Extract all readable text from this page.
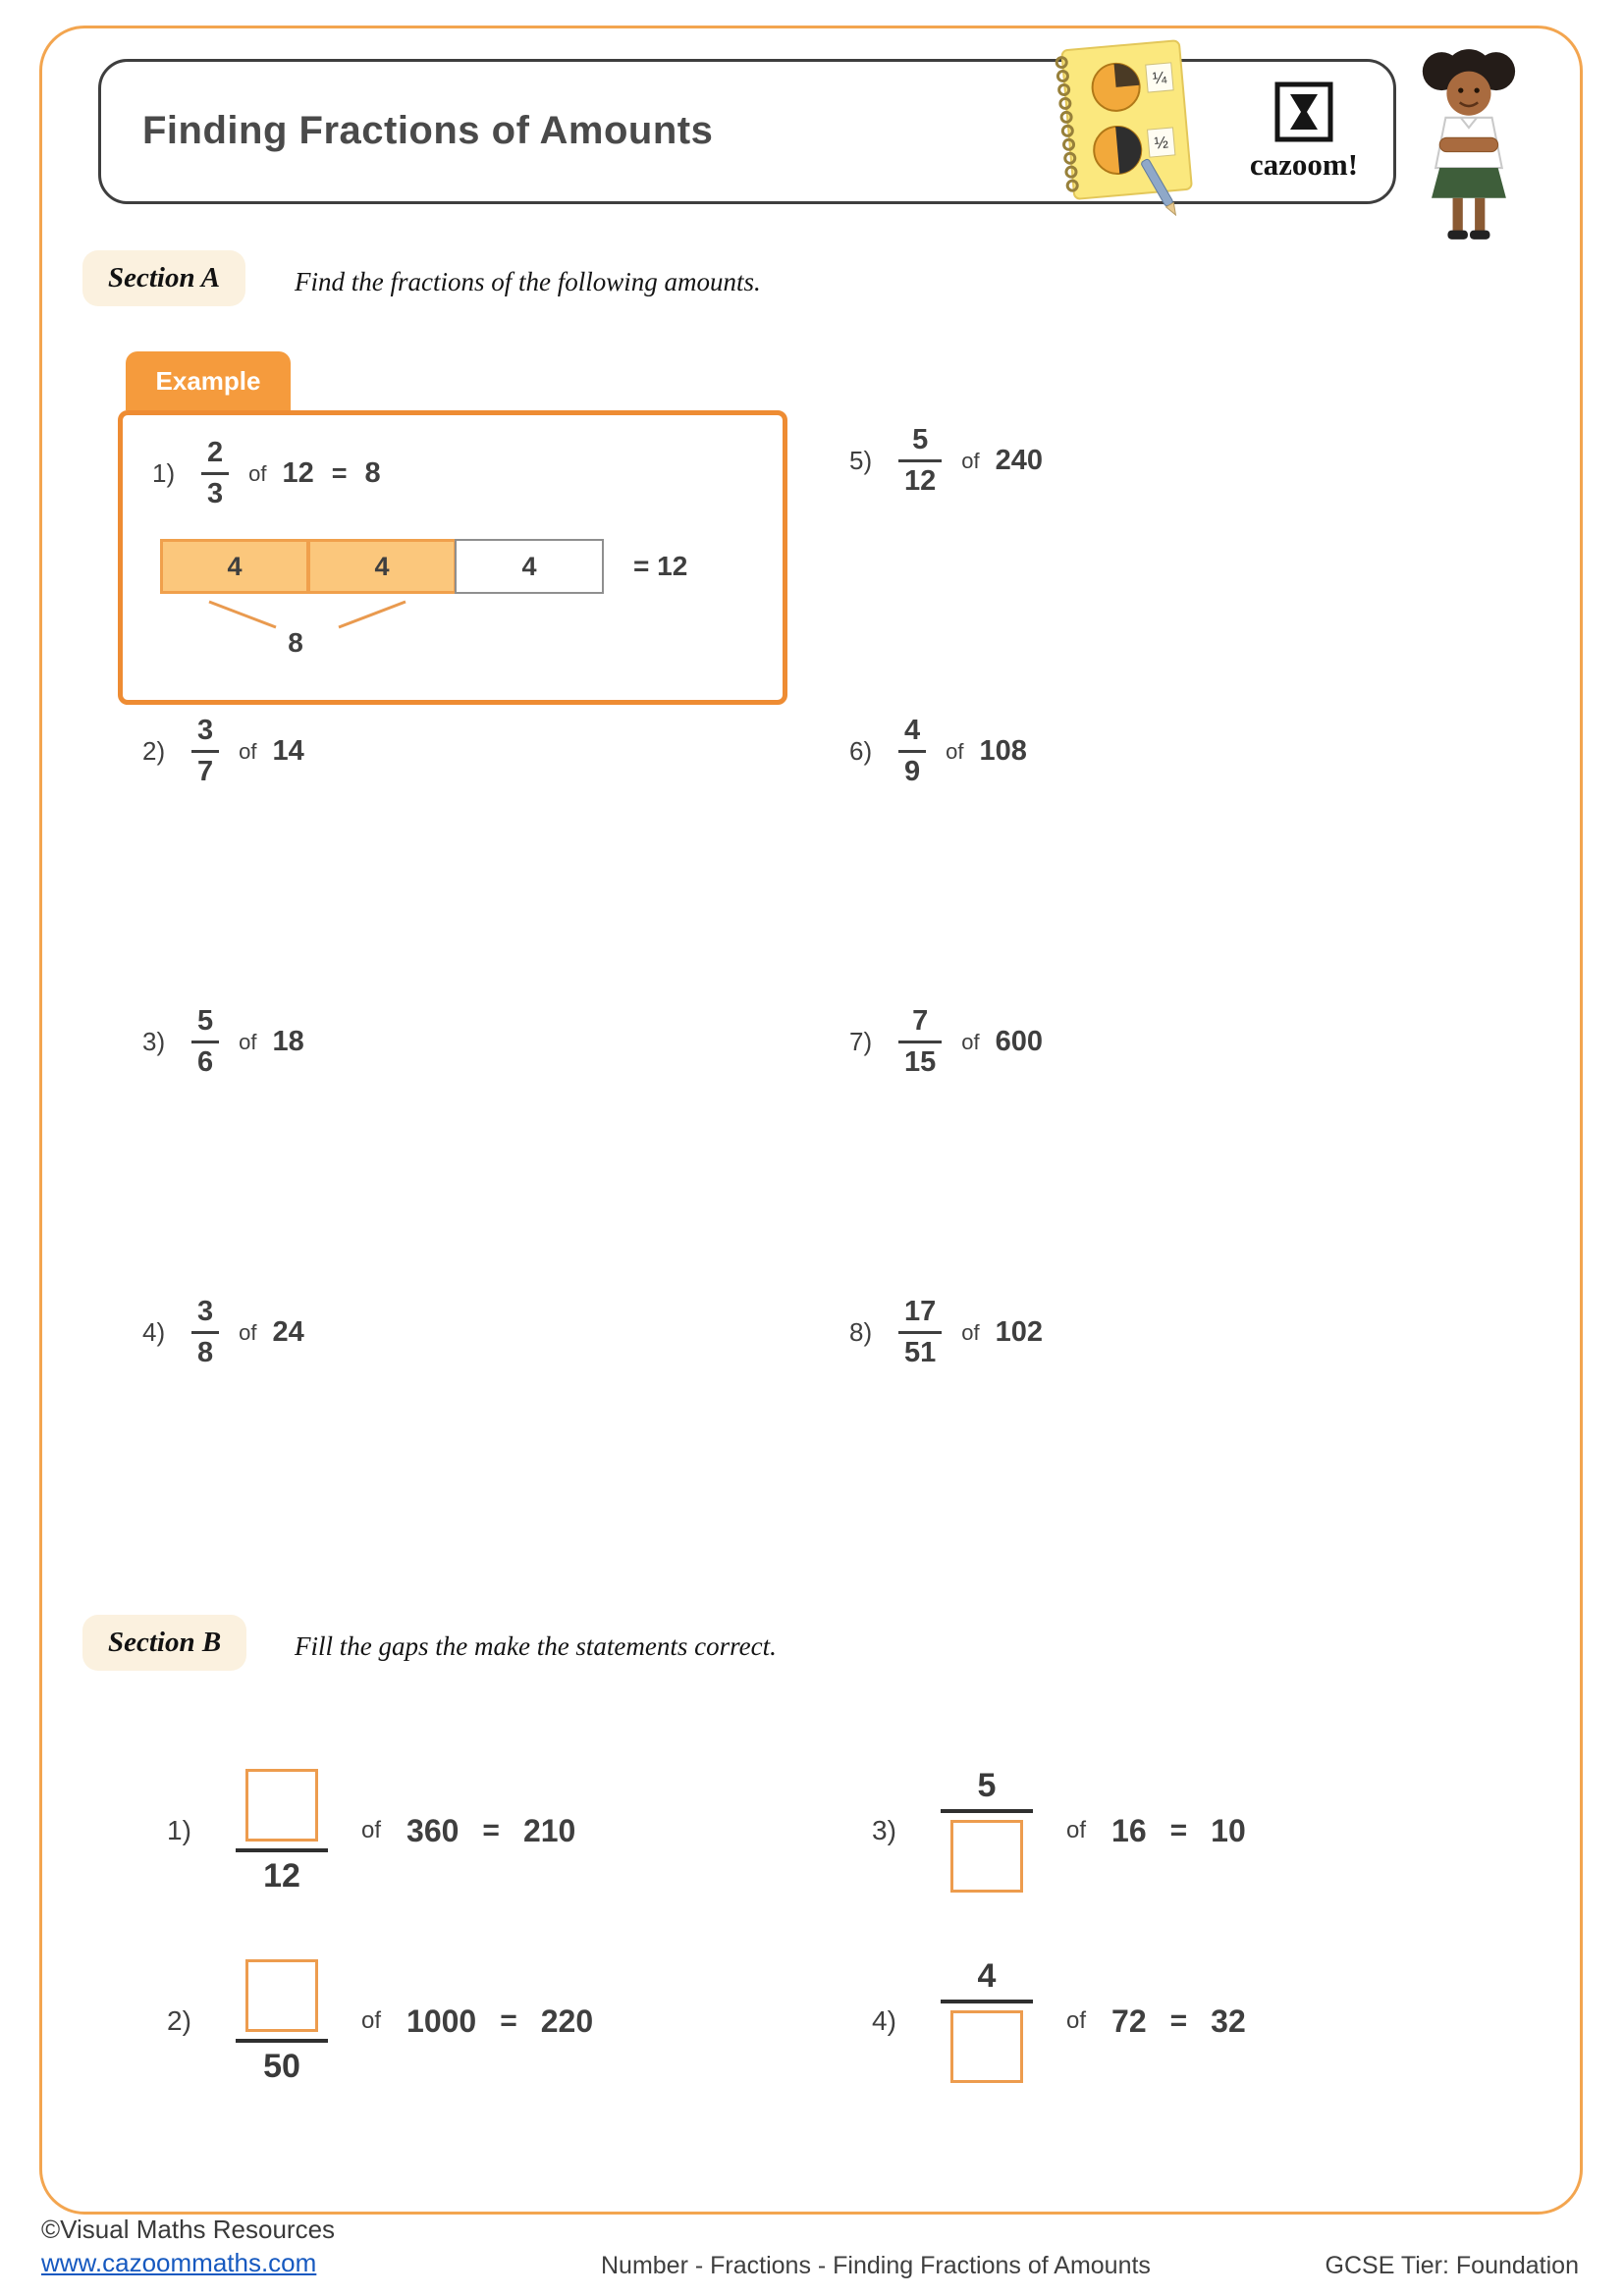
Finding Fractions of Amounts
¼
½
cazoom!
Section A	Find the fractions of the following amounts.
Example
$1) \frac{2}{3}$ of 12 = 8
4	4	4	= 12
8
$2) \frac{3}{7}$ of 14
$3) \frac{5}{6}$ of 18
$4) \frac{3}{8}$ of 24
$5) \frac{5}{12}$ of 240
$6) \frac{4}{9}$ of 108
$7) \frac{7}{15}$ of 600
$8) \frac{17}{51}$ of 102
Section B	Fill the gaps the make the statements correct.
1)
12
of 360 = 210
2)
50
of 1000 = 220
3)
5
of 16 = 10
4)
4
of 72 = 32
©Visual Maths Resources
www.cazoommaths.com	Number - Fractions - Finding Fractions of Amounts	GCSE Tier: Foundation
